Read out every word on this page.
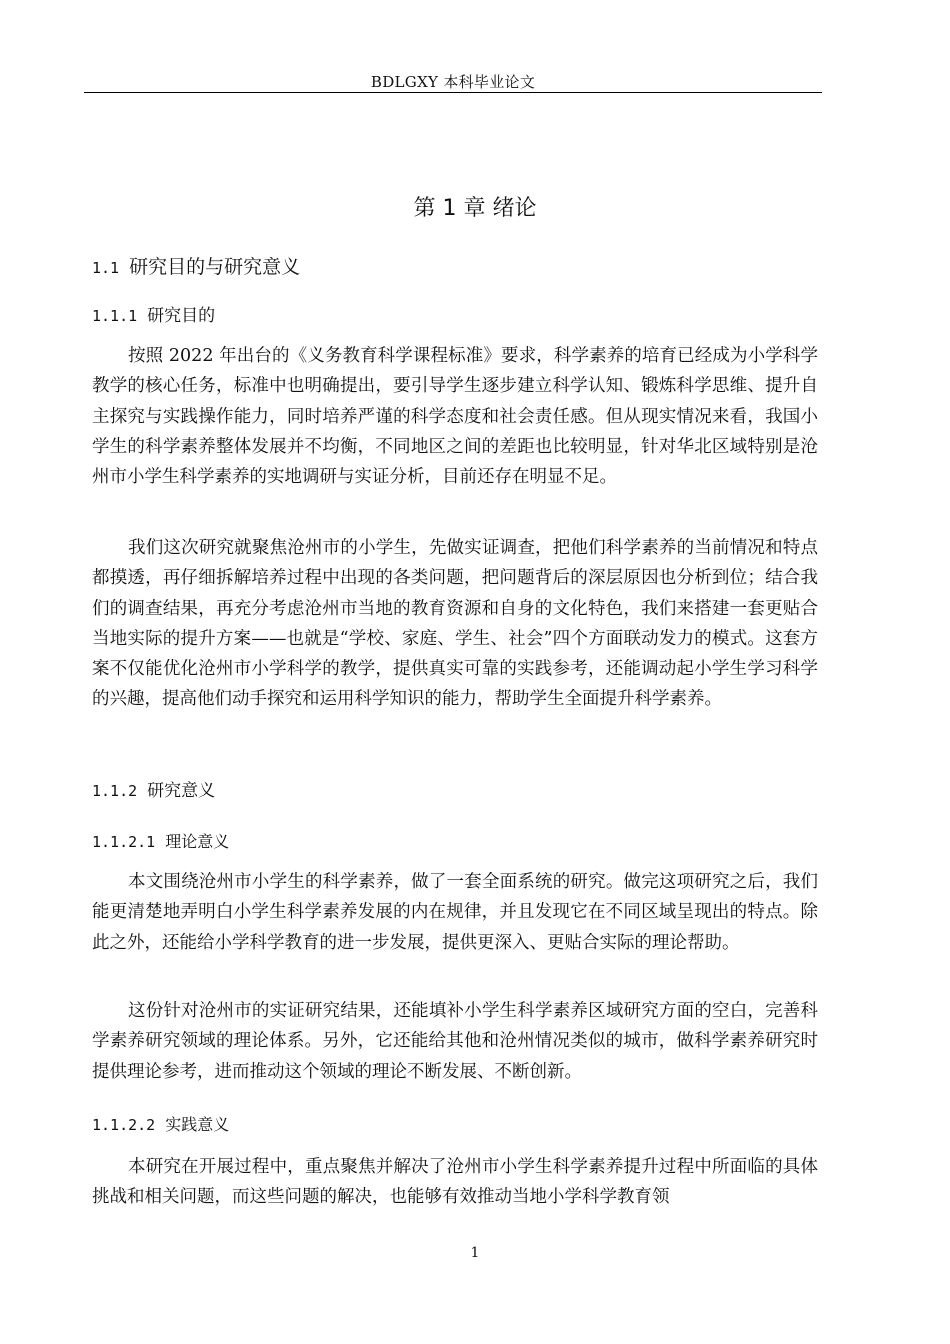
BDLGXY 本科毕业论文
第 1 章 绪论
1.1 研究目的与研究意义
1.1.1 研究目的

按照 2022 年出台的《义务教育科学课程标准》要求，科学素养的培育已经成为小学科学教学的核心任务，标准中也明确提出，要引导学生逐步建立科学认知、锻炼科学思维、提升自主探究与实践操作能力，同时培养严谨的科学态度和社会责任感。但从现实情况来看，我国小学生的科学素养整体发展并不均衡，不同地区之间的差距也比较明显，针对华北区域特别是沧州市小学生科学素养的实地调研与实证分析，目前还存在明显不足。

我们这次研究就聚焦沧州市的小学生，先做实证调查，把他们科学素养的当前情况和特点都摸透，再仔细拆解培养过程中出现的各类问题，把问题背后的深层原因也分析到位；结合我们的调查结果，再充分考虑沧州市当地的教育资源和自身的文化特色，我们来搭建一套更贴合当地实际的提升方案——也就是“学校、家庭、学生、社会”四个方面联动发力的模式。这套方案不仅能优化沧州市小学科学的教学，提供真实可靠的实践参考，还能调动起小学生学习科学的兴趣，提高他们动手探究和运用科学知识的能力，帮助学生全面提升科学素养。

1.1.2 研究意义
1.1.2.1 理论意义

本文围绕沧州市小学生的科学素养，做了一套全面系统的研究。做完这项研究之后，我们能更清楚地弄明白小学生科学素养发展的内在规律，并且发现它在不同区域呈现出的特点。除此之外，还能给小学科学教育的进一步发展，提供更深入、更贴合实际的理论帮助。

这份针对沧州市的实证研究结果，还能填补小学生科学素养区域研究方面的空白，完善科学素养研究领域的理论体系。另外，它还能给其他和沧州情况类似的城市，做科学素养研究时提供理论参考，进而推动这个领域的理论不断发展、不断创新。

1.1.2.2 实践意义

本研究在开展过程中，重点聚焦并解决了沧州市小学生科学素养提升过程中所面临的具体挑战和相关问题，而这些问题的解决，也能够有效推动当地小学科学教育领

1
